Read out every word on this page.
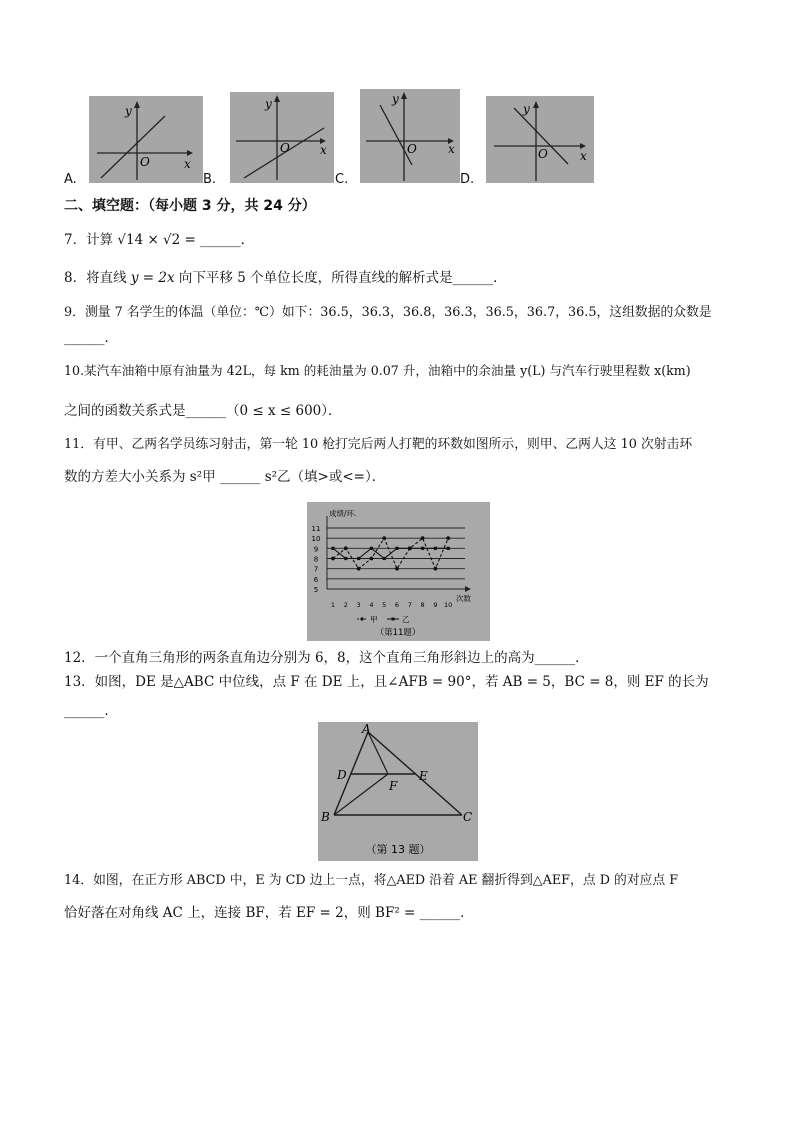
y
x
O
y
x
O
y
x
O
y
x
O
A.	B.	C.	D.
二、填空题：（每小题 3 分，共 24 分）
7．计算 √14 × √2 = ______．
8．将直线 y = 2x 向下平移 5 个单位长度，所得直线的解析式是______．
9．测量 7 名学生的体温（单位：℃）如下：36.5，36.3，36.8，36.3，36.5，36.7，36.5，这组数据的众数是
______．
10.某汽车油箱中原有油量为 42L，每 km 的耗油量为 0.07 升，油箱中的余油量 y(L) 与汽车行驶里程数 x(km)
之间的函数关系式是______（0 ≤ x ≤ 600）．
11．有甲、乙两名学员练习射击，第一轮 10 枪打完后两人打靶的环数如图所示，则甲、乙两人这 10 次射击环
数的方差大小关系为 s²甲 ______ s²乙（填>或<=）．
5
6
7
8
9
10
11
成绩/环.
次数
1 2 3 4 5 6 7 8 9 10
甲	乙
（第11题）
12．一个直角三角形的两条直角边分别为 6，8，这个直角三角形斜边上的高为______．
13．如图，DE 是△ABC 中位线，点 F 在 DE 上，且∠AFB = 90°，若 AB = 5，BC = 8，则 EF 的长为
______．
A
D	E
F
B	C
（第 13 题）
14．如图，在正方形 ABCD 中，E 为 CD 边上一点，将△AED 沿着 AE 翻折得到△AEF，点 D 的对应点 F
恰好落在对角线 AC 上，连接 BF，若 EF = 2，则 BF² = ______．
